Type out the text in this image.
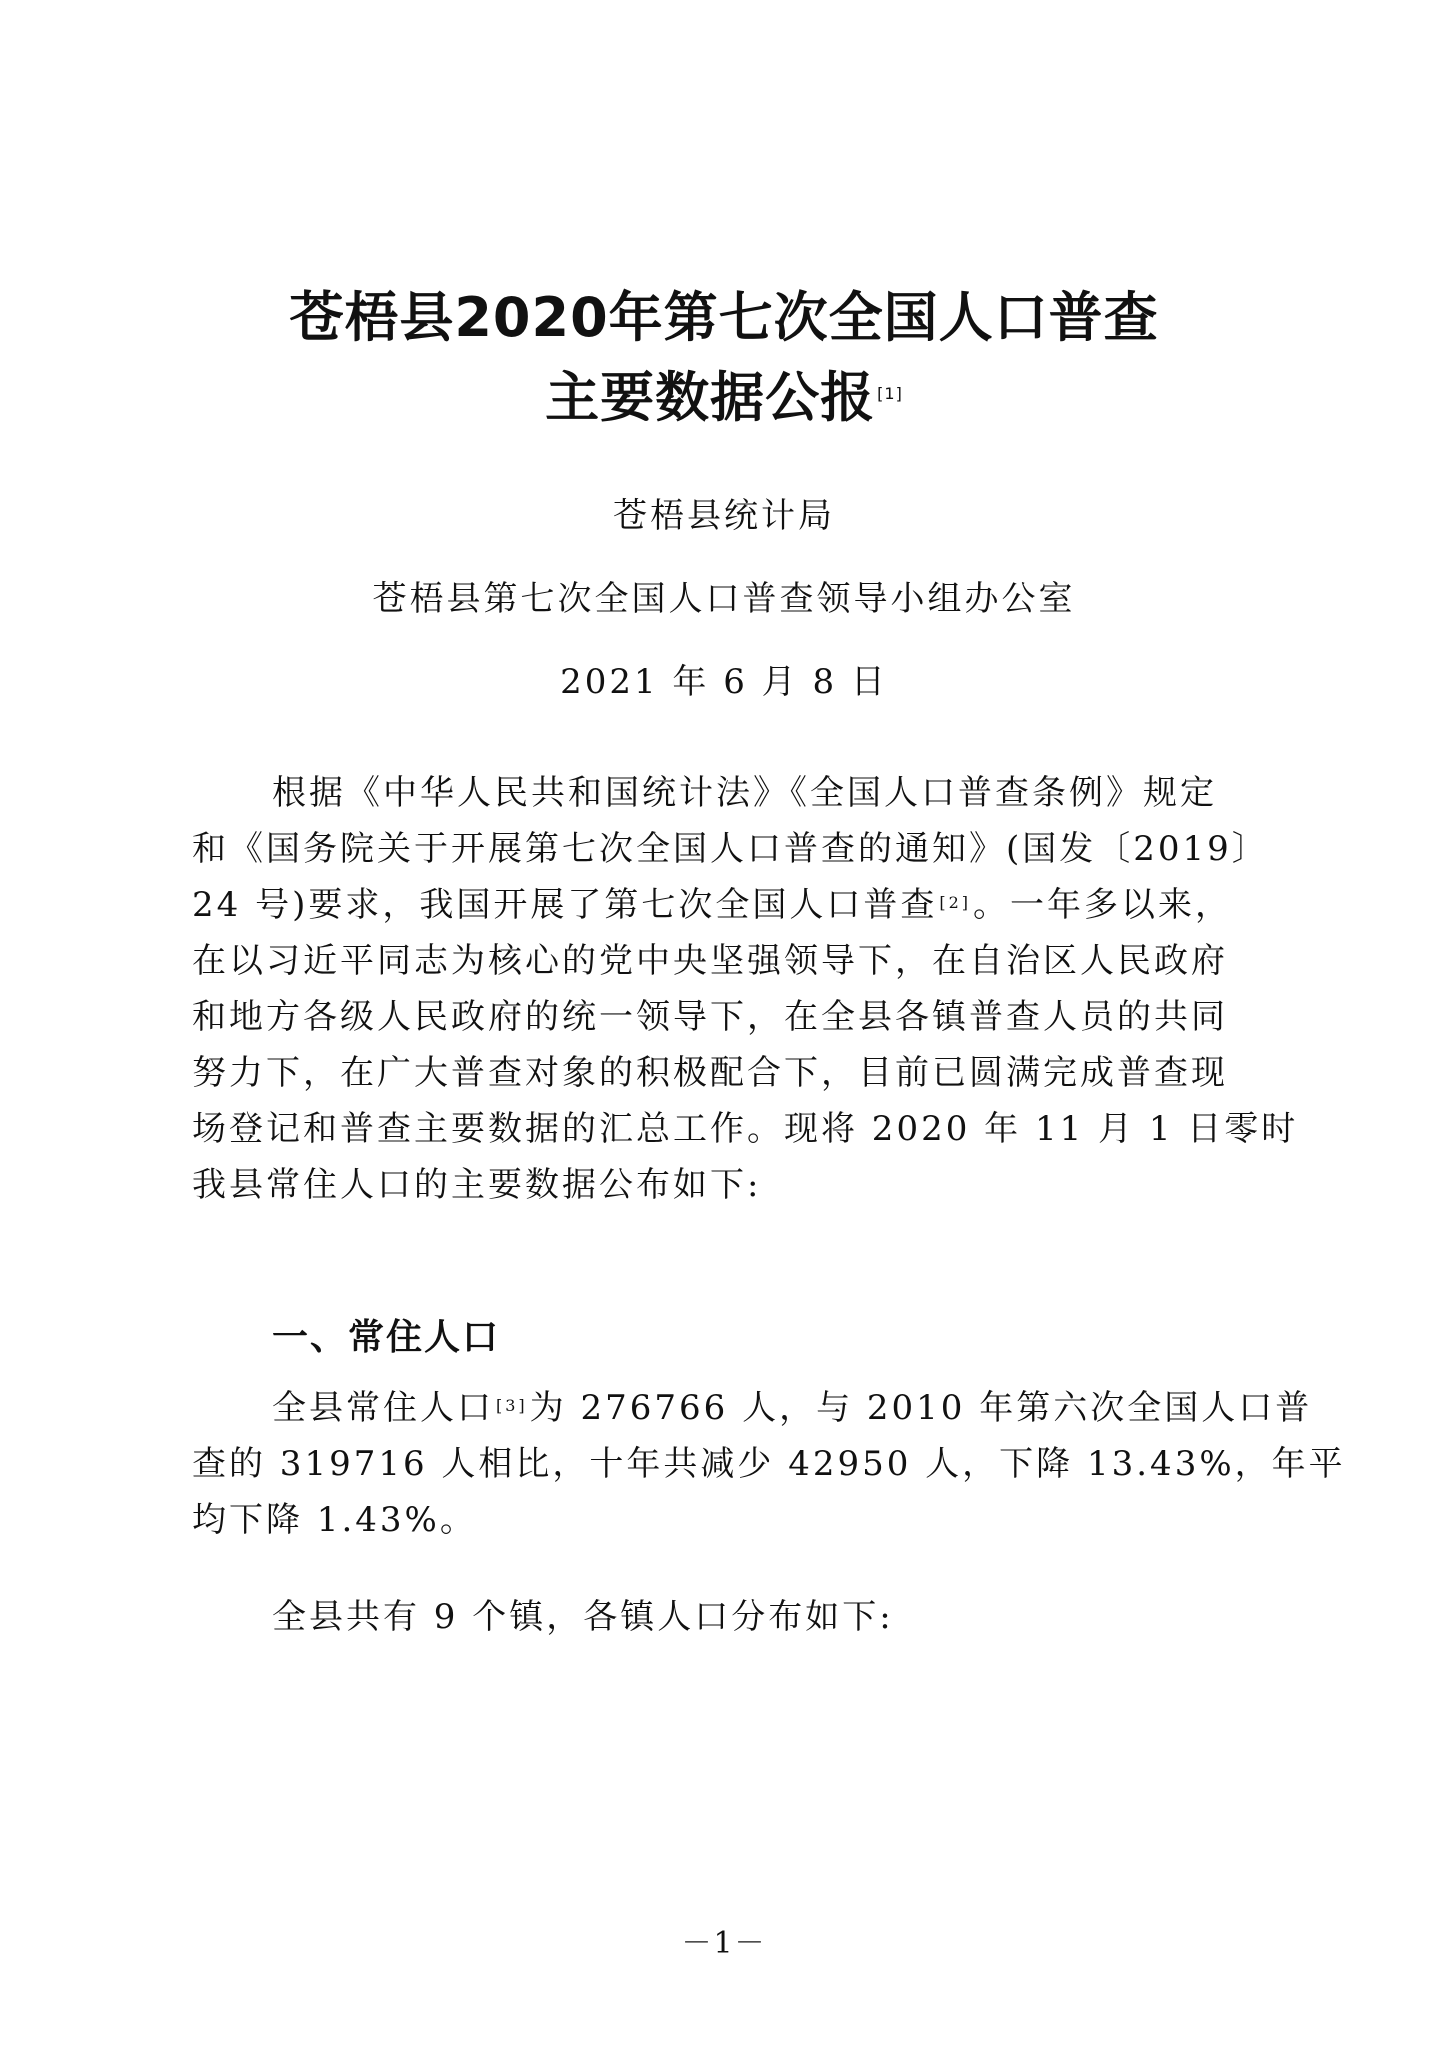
苍梧县2020年第七次全国人口普查
主要数据公报 [1]
苍梧县统计局
苍梧县第七次全国人口普查领导小组办公室
2021 年 6 月 8 日
根据《中华人民共和国统计法》《全国人口普查条例》规定
和《国务院关于开展第七次全国人口普查的通知》(国发〔2019〕
24 号)要求，我国开展了第七次全国人口普查 [2]。一年多以来，
在以习近平同志为核心的党中央坚强领导下，在自治区人民政府
和地方各级人民政府的统一领导下，在全县各镇普查人员的共同
努力下，在广大普查对象的积极配合下，目前已圆满完成普查现
场登记和普查主要数据的汇总工作。现将 2020 年 11 月 1 日零时
我县常住人口的主要数据公布如下:
一、常住人口
全县常住人口 [3]为 276766 人，与 2010 年第六次全国人口普
查的 319716 人相比，十年共减少 42950 人，下降 13.43%，年平
均下降 1.43%。
全县共有 9 个镇，各镇人口分布如下:
－1－
